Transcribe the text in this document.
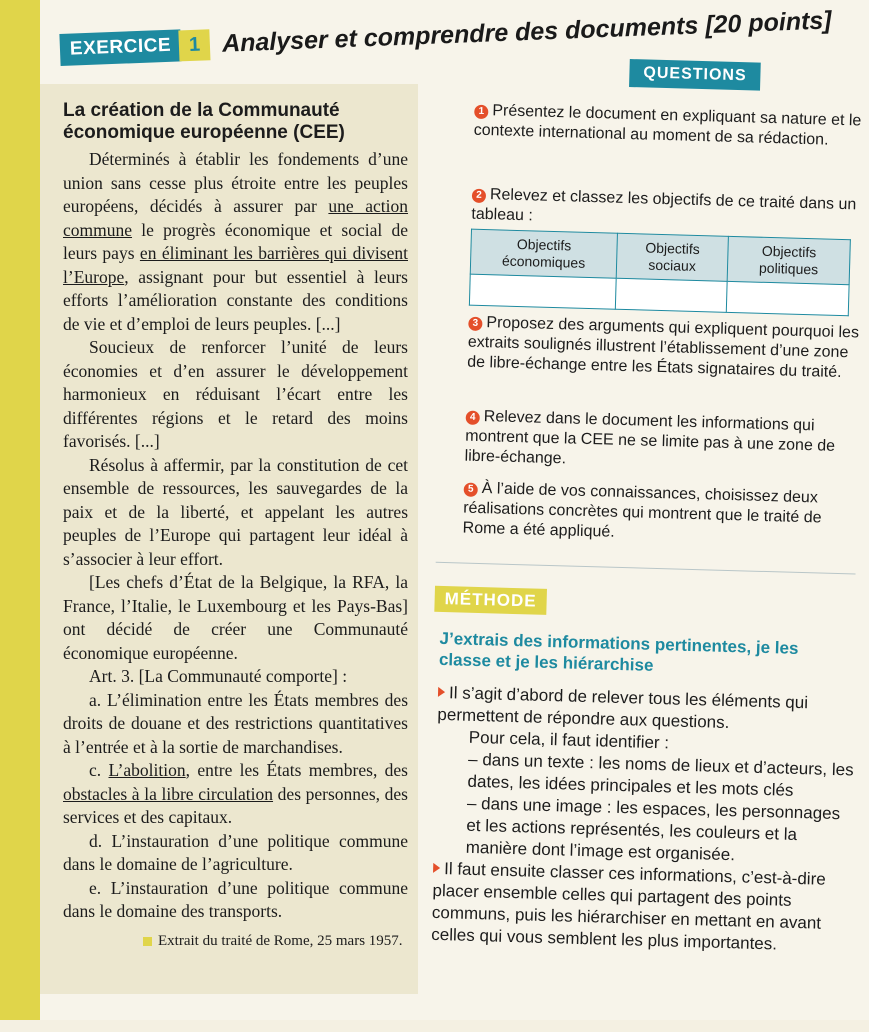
EXERCICE 1 Analyser et comprendre des documents [20 points]
La création de la Communauté
économique européenne (CEE)

Déterminés à établir les fondements d’une union sans cesse plus étroite entre les peuples européens, décidés à assurer par une action commune le progrès économique et social de leurs pays en éliminant les barrières qui divisent l’Europe, assignant pour but essentiel à leurs efforts l’amélioration constante des conditions de vie et d’emploi de leurs peuples. [...]

Soucieux de renforcer l’unité de leurs économies et d’en assurer le développement harmonieux en réduisant l’écart entre les différentes régions et le retard des moins favorisés. [...]

Résolus à affermir, par la constitution de cet ensemble de ressources, les sauvegardes de la paix et de la liberté, et appelant les autres peuples de l’Europe qui partagent leur idéal à s’associer à leur effort.

[Les chefs d’État de la Belgique, la RFA, la France, l’Italie, le Luxembourg et les Pays-Bas] ont décidé de créer une Communauté économique européenne.

Art. 3. [La Communauté comporte] :

a. L’élimination entre les États membres des droits de douane et des restrictions quantitatives à l’entrée et à la sortie de marchandises.

c. L’abolition, entre les États membres, des obstacles à la libre circulation des personnes, des services et des capitaux.

d. L’instauration d’une politique commune dans le domaine de l’agriculture.

e. L’instauration d’une politique commune dans le domaine des transports.

Extrait du traité de Rome, 25 mars 1957.
QUESTIONS
1 Présentez le document en expliquant sa nature et le contexte international au moment de sa rédaction.
2 Relevez et classez les objectifs de ce traité dans un tableau :
Objectifs économiques	Objectifs sociaux	Objectifs politiques

3 Proposez des arguments qui expliquent pourquoi les extraits soulignés illustrent l’établissement d’une zone de libre-échange entre les États signataires du traité.
4 Relevez dans le document les informations qui montrent que la CEE ne se limite pas à une zone de libre-échange.
5 À l’aide de vos connaissances, choisissez deux réalisations concrètes qui montrent que le traité de Rome a été appliqué.
MÉTHODE
J’extrais des informations pertinentes, je les classe et je les hiérarchise

Il s’agit d’abord de relever tous les éléments qui permettent de répondre aux questions.

Pour cela, il faut identifier :

– dans un texte : les noms de lieux et d’acteurs, les dates, les idées principales et les mots clés

– dans une image : les espaces, les personnages et les actions représentés, les couleurs et la manière dont l’image est organisée.

Il faut ensuite classer ces informations, c’est-à-dire placer ensemble celles qui partagent des points communs, puis les hiérarchiser en mettant en avant celles qui vous semblent les plus importantes.
